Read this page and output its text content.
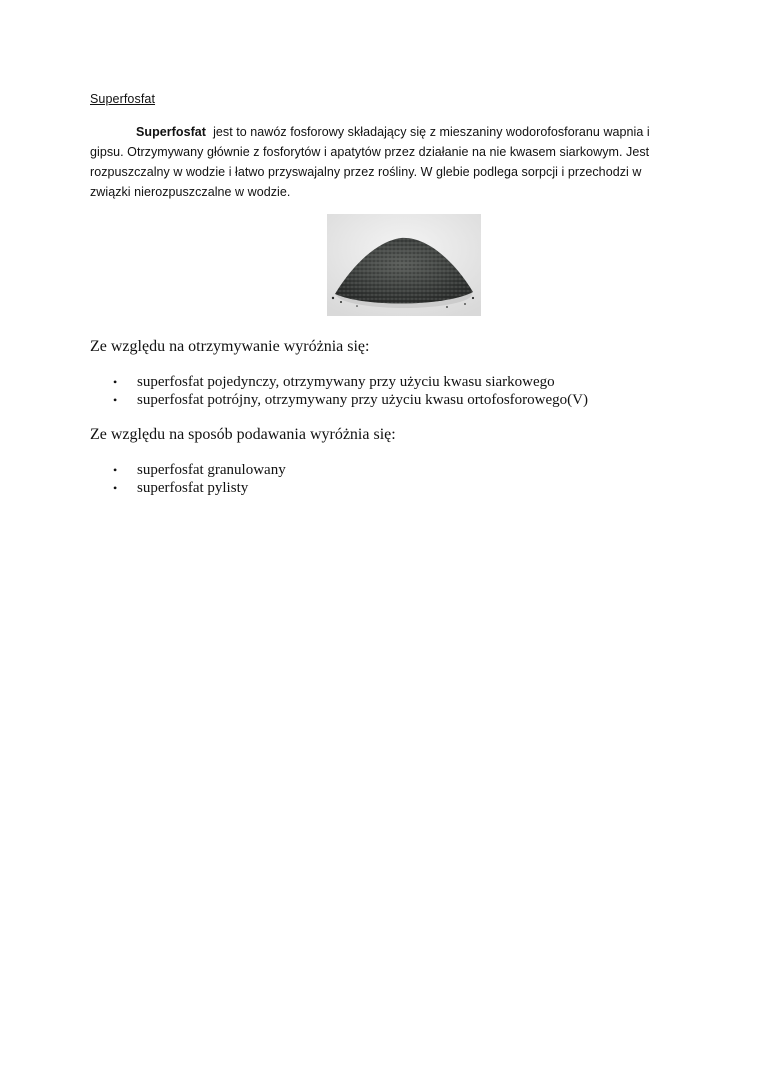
Superfosfat

Superfosfat jest to nawóz fosforowy składający się z mieszaniny wodorofosforanu wapnia i gipsu. Otrzymywany głównie z fosforytów i apatytów przez działanie na nie kwasem siarkowym. Jest rozpuszczalny w wodzie i łatwo przyswajalny przez rośliny. W glebie podlega sorpcji i przechodzi w związki nierozpuszczalne w wodzie.

Ze względu na otrzymywanie wyróżnia się:
• superfosfat pojedynczy, otrzymywany przy użyciu kwasu siarkowego
• superfosfat potrójny, otrzymywany przy użyciu kwasu ortofosforowego(V)
Ze względu na sposób podawania wyróżnia się:
• superfosfat granulowany
• superfosfat pylisty
